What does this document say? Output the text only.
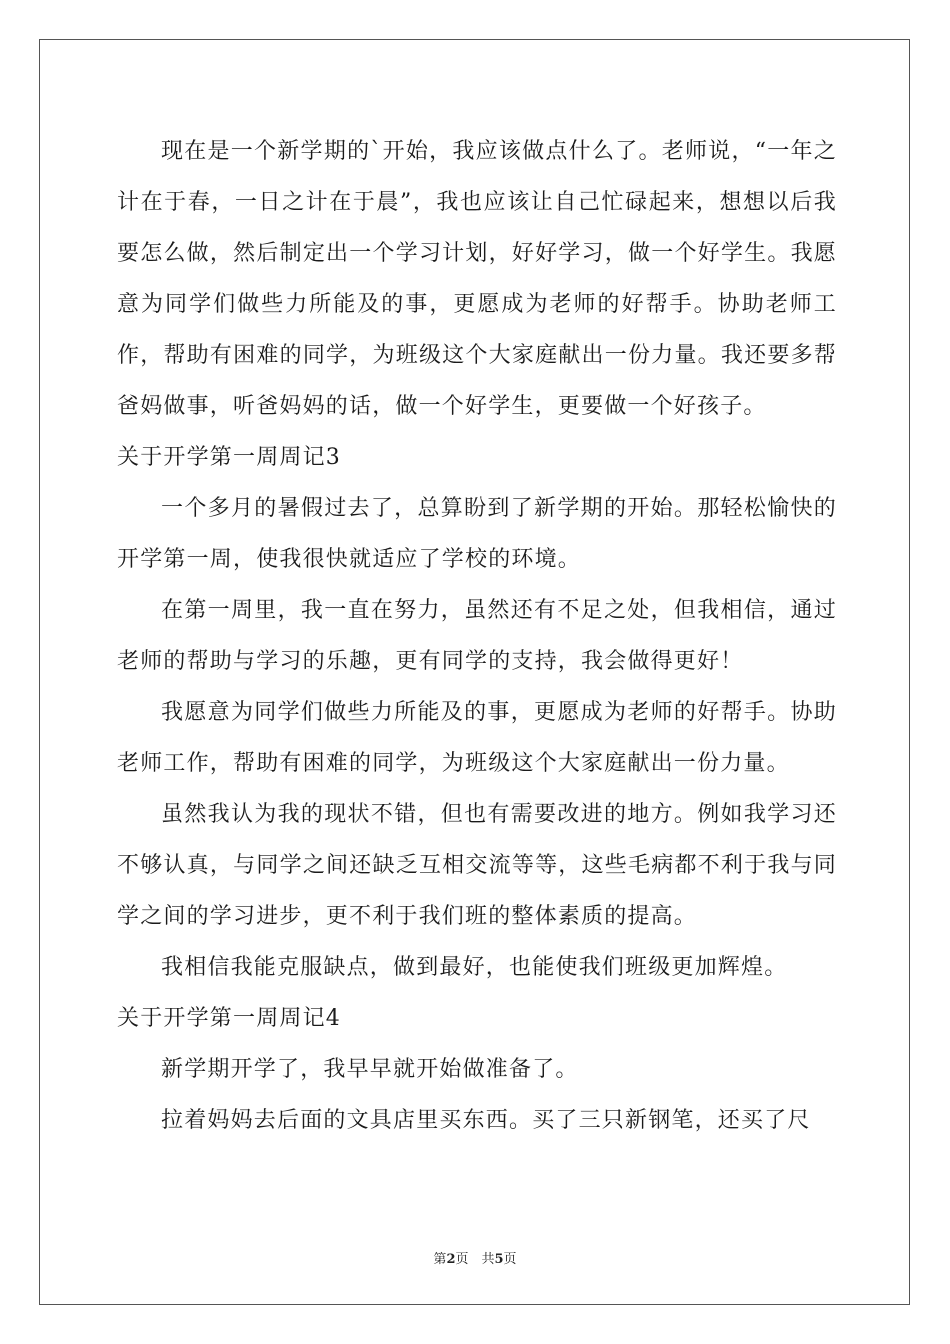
现在是一个新学期的`开始，我应该做点什么了。老师说，“一年之计在于春，一日之计在于晨”，我也应该让自己忙碌起来，想想以后我要怎么做，然后制定出一个学习计划，好好学习，做一个好学生。我愿意为同学们做些力所能及的事，更愿成为老师的好帮手。协助老师工作，帮助有困难的同学，为班级这个大家庭献出一份力量。我还要多帮爸妈做事，听爸妈妈的话，做一个好学生，更要做一个好孩子。

关于开学第一周周记3

一个多月的暑假过去了，总算盼到了新学期的开始。那轻松愉快的开学第一周，使我很快就适应了学校的环境。

在第一周里，我一直在努力，虽然还有不足之处，但我相信，通过老师的帮助与学习的乐趣，更有同学的支持，我会做得更好！

我愿意为同学们做些力所能及的事，更愿成为老师的好帮手。协助老师工作，帮助有困难的同学，为班级这个大家庭献出一份力量。

虽然我认为我的现状不错，但也有需要改进的地方。例如我学习还不够认真，与同学之间还缺乏互相交流等等，这些毛病都不利于我与同学之间的学习进步，更不利于我们班的整体素质的提高。

我相信我能克服缺点，做到最好，也能使我们班级更加辉煌。

关于开学第一周周记4

新学期开学了，我早早就开始做准备了。

拉着妈妈去后面的文具店里买东西。买了三只新钢笔，还买了尺

第2页　共5页
